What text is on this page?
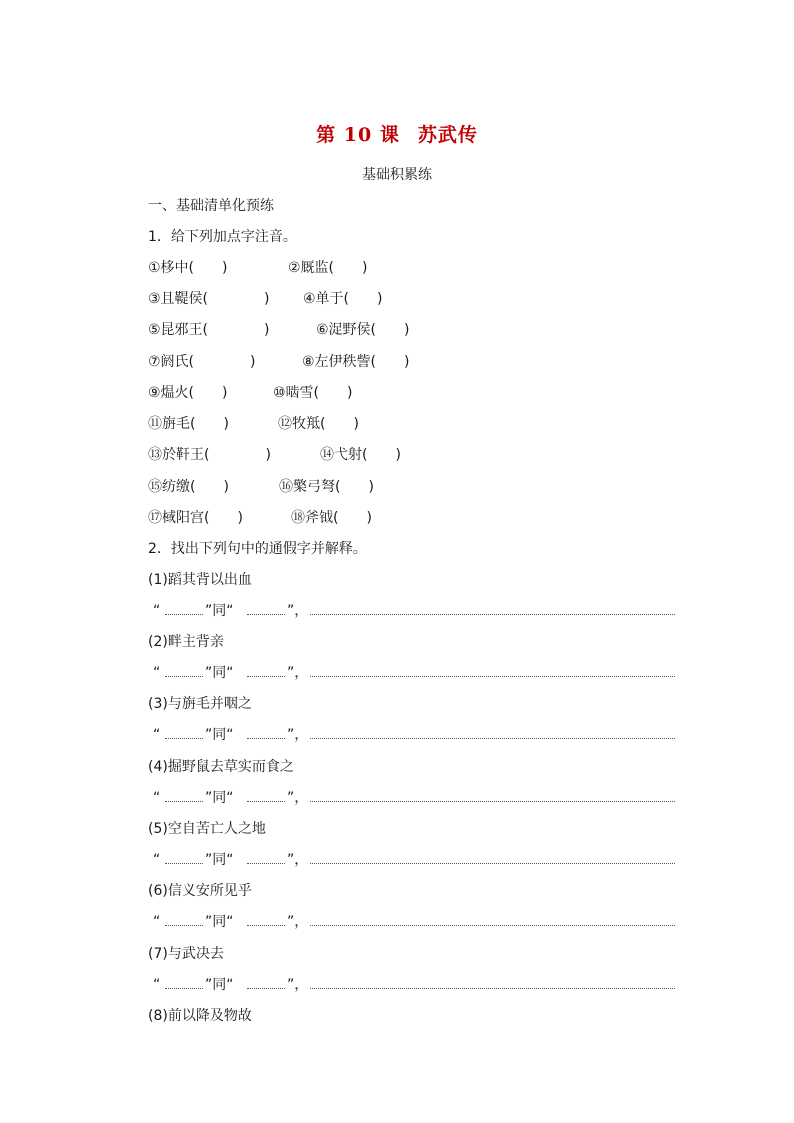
第 10 课 苏武传
基础积累练
一、基础清单化预练
1．给下列加点字注音。
①栘中(　　)	②厩监(　　)
③且鞮侯(　　　　) ④单于(　　)
⑤昆邪王(　　　　)	⑥浞野侯(　　)
⑦阏氏(　　　　)	⑧左伊秩訾(　　)
⑨煴火(　　)	⑩啮雪(　　)
⑪旃毛(　　)	⑫牧羝(　　)
⑬於靬王(　　　　)	⑭弋射(　　)
⑮纺缴(　　)	⑯檠弓弩(　　)
⑰棫阳宫(　　)	⑱斧钺(　　)
2．找出下列句中的通假字并解释。
(1)蹈其背以出血
“	”同“	”，
(2)畔主背亲
“	”同“	”，
(3)与旃毛并咽之
“	”同“	”，
(4)掘野鼠去草实而食之
“	”同“	”，
(5)空自苦亡人之地
“	”同“	”，
(6)信义安所见乎
“	”同“	”，
(7)与武决去
“	”同“	”，
(8)前以降及物故
